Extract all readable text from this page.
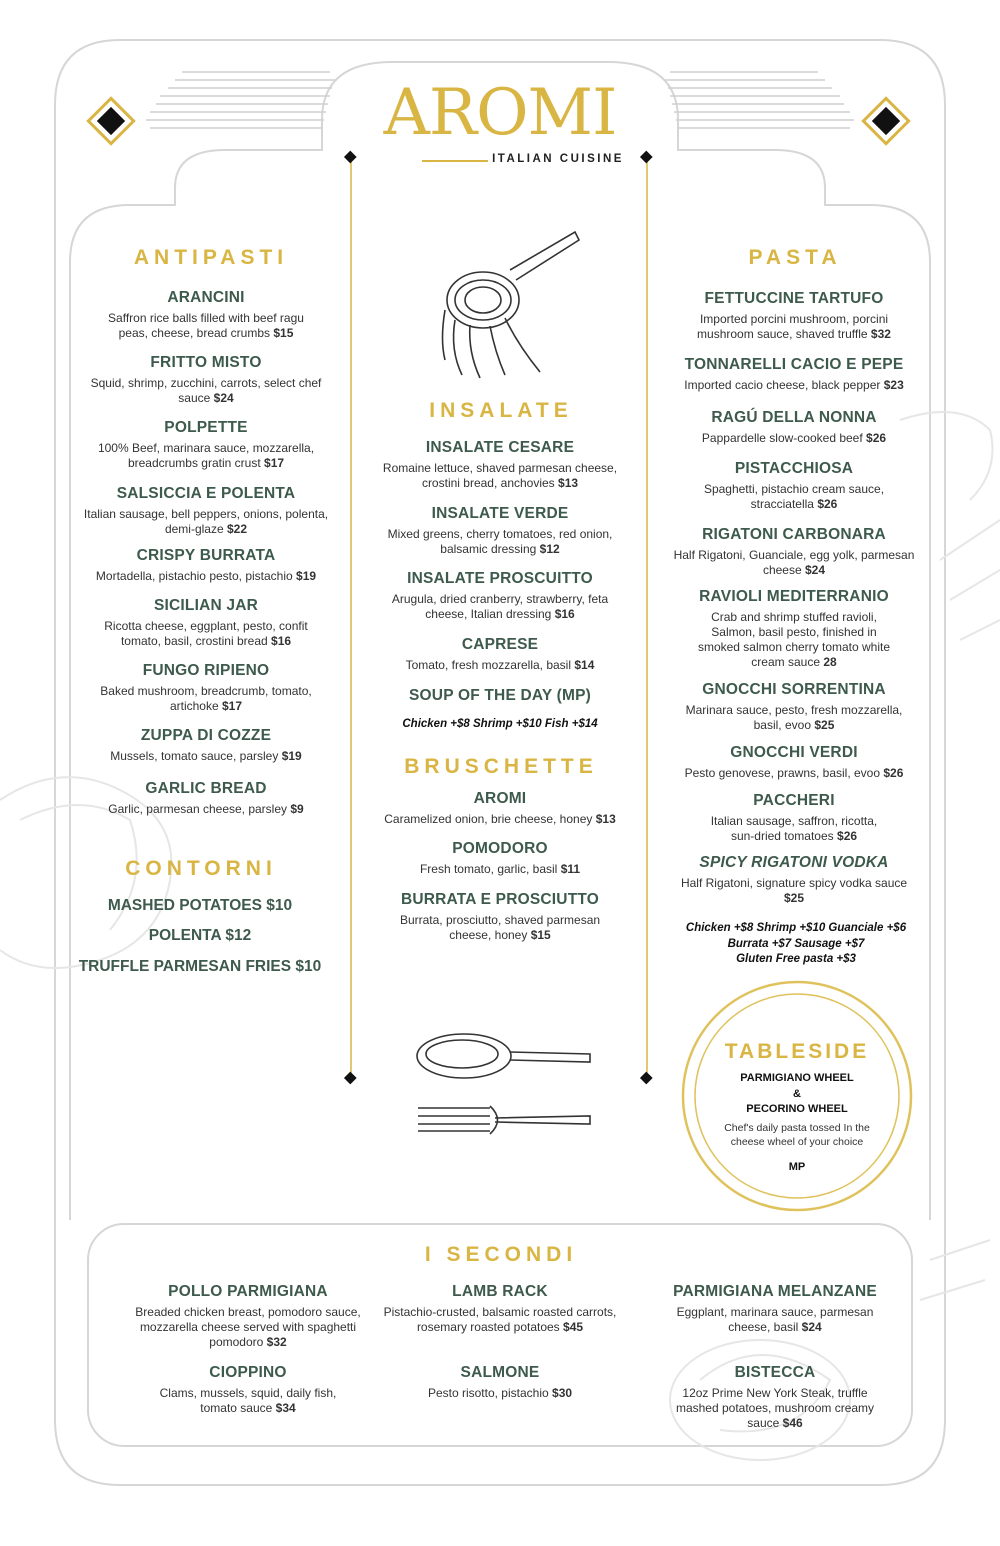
AROMI
ITALIAN CUISINE
ANTIPASTI
ARANCINI
Saffron rice balls filled with beef ragu peas, cheese, bread crumbs $15
FRITTO MISTO
Squid, shrimp, zucchini, carrots, select chef sauce $24
POLPETTE
100% Beef, marinara sauce, mozzarella, breadcrumbs gratin crust $17
SALSICCIA E POLENTA
Italian sausage, bell peppers, onions, polenta, demi-glaze $22
CRISPY BURRATA
Mortadella, pistachio pesto, pistachio $19
SICILIAN JAR
Ricotta cheese, eggplant, pesto, confit tomato, basil, crostini bread $16
FUNGO RIPIENO
Baked mushroom, breadcrumb, tomato, artichoke $17
ZUPPA DI COZZE
Mussels, tomato sauce, parsley $19
GARLIC BREAD
Garlic, parmesan cheese, parsley $9
CONTORNI
MASHED POTATOES $10
POLENTA $12
TRUFFLE PARMESAN FRIES $10
INSALATE
INSALATE CESARE
Romaine lettuce, shaved parmesan cheese, crostini bread, anchovies $13
INSALATE VERDE
Mixed greens, cherry tomatoes, red onion, balsamic dressing $12
INSALATE PROSCUITTO
Arugula, dried cranberry, strawberry, feta cheese, Italian dressing $16
CAPRESE
Tomato, fresh mozzarella, basil $14
SOUP OF THE DAY (MP)
Chicken +$8 Shrimp +$10 Fish +$14
BRUSCHETTE
AROMI
Caramelized onion, brie cheese, honey $13
POMODORO
Fresh tomato, garlic, basil $11
BURRATA E PROSCIUTTO
Burrata, prosciutto, shaved parmesan cheese, honey $15
PASTA
FETTUCCINE TARTUFO
Imported porcini mushroom, porcini mushroom sauce, shaved truffle $32
TONNARELLI CACIO E PEPE
Imported cacio cheese, black pepper $23
RAGÚ DELLA NONNA
Pappardelle slow-cooked beef $26
PISTACCHIOSA
Spaghetti, pistachio cream sauce, stracciatella $26
RIGATONI CARBONARA
Half Rigatoni, Guanciale, egg yolk, parmesan cheese $24
RAVIOLI MEDITERRANIO
Crab and shrimp stuffed ravioli, Salmon, basil pesto, finished in smoked salmon cherry tomato white cream sauce 28
GNOCCHI SORRENTINA
Marinara sauce, pesto, fresh mozzarella, basil, evoo $25
GNOCCHI VERDI
Pesto genovese, prawns, basil, evoo $26
PACCHERI
Italian sausage, saffron, ricotta, sun-dried tomatoes $26
SPICY RIGATONI VODKA
Half Rigatoni, signature spicy vodka sauce $25
Chicken +$8 Shrimp +$10 Guanciale +$6
Burrata +$7 Sausage +$7
Gluten Free pasta +$3
TABLESIDE
PARMIGIANO WHEEL
&
PECORINO WHEEL
Chef's daily pasta tossed In the cheese wheel of your choice
MP
I SECONDI
POLLO PARMIGIANA
Breaded chicken breast, pomodoro sauce, mozzarella cheese served with spaghetti pomodoro $32
LAMB RACK
Pistachio-crusted, balsamic roasted carrots, rosemary roasted potatoes $45
PARMIGIANA MELANZANE
Eggplant, marinara sauce, parmesan cheese, basil $24
CIOPPINO
Clams, mussels, squid, daily fish, tomato sauce $34
SALMONE
Pesto risotto, pistachio $30
BISTECCA
12oz Prime New York Steak, truffle mashed potatoes, mushroom creamy sauce $46
